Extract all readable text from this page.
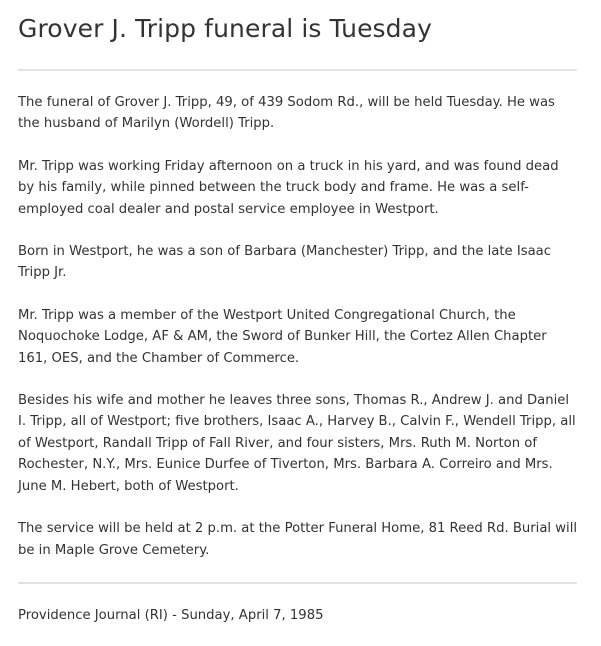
Grover J. Tripp funeral is Tuesday

The funeral of Grover J. Tripp, 49, of 439 Sodom Rd., will be held Tuesday. He was the husband of Marilyn (Wordell) Tripp.

Mr. Tripp was working Friday afternoon on a truck in his yard, and was found dead by his family, while pinned between the truck body and frame. He was a self-employed coal dealer and postal service employee in Westport.

Born in Westport, he was a son of Barbara (Manchester) Tripp, and the late Isaac Tripp Jr.

Mr. Tripp was a member of the Westport United Congregational Church, the Noquochoke Lodge, AF & AM, the Sword of Bunker Hill, the Cortez Allen Chapter 161, OES, and the Chamber of Commerce.

Besides his wife and mother he leaves three sons, Thomas R., Andrew J. and Daniel I. Tripp, all of Westport; five brothers, Isaac A., Harvey B., Calvin F., Wendell Tripp, all of Westport, Randall Tripp of Fall River, and four sisters, Mrs. Ruth M. Norton of Rochester, N.Y., Mrs. Eunice Durfee of Tiverton, Mrs. Barbara A. Correiro and Mrs. June M. Hebert, both of Westport.

The service will be held at 2 p.m. at the Potter Funeral Home, 81 Reed Rd. Burial will be in Maple Grove Cemetery.

Providence Journal (RI) - Sunday, April 7, 1985
